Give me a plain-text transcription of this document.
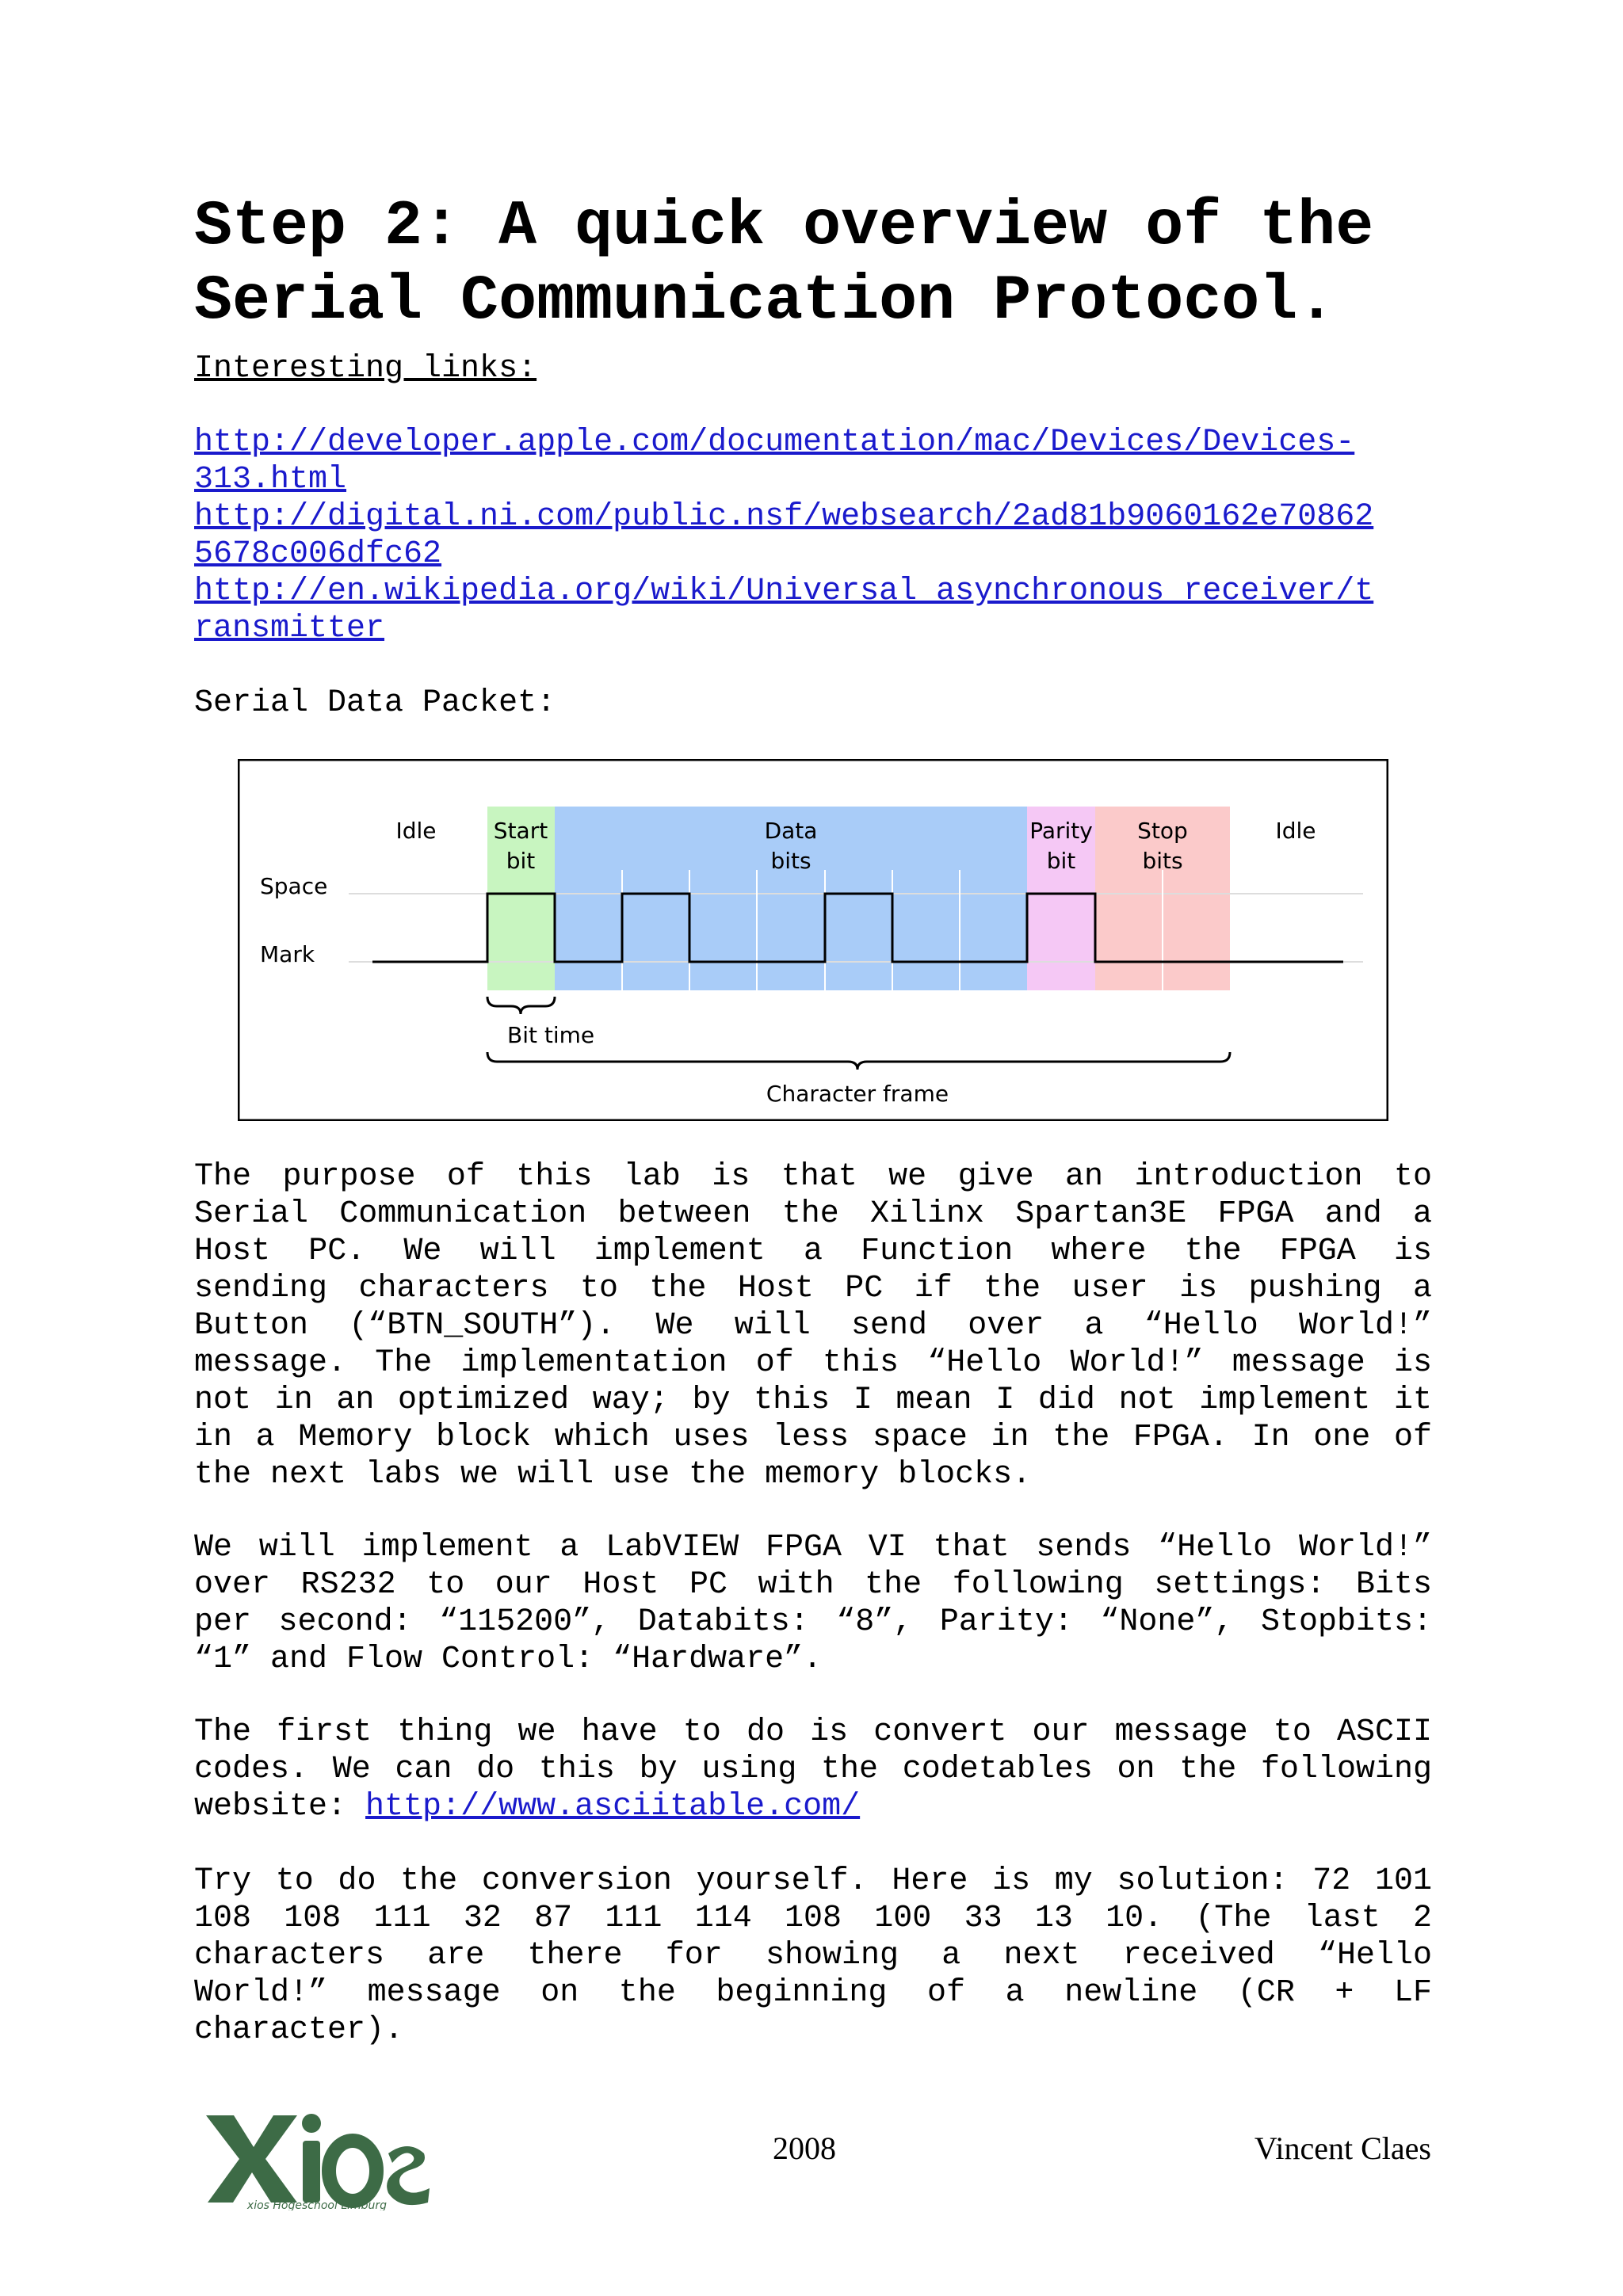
Step 2: A quick overview of the
Serial Communication Protocol.
Interesting links:
http://developer.apple.com/documentation/mac/Devices/Devices-
313.html
http://digital.ni.com/public.nsf/websearch/2ad81b9060162e70862
5678c006dfc62
http://en.wikipedia.org/wiki/Universal_asynchronous_receiver/t
ransmitter
Serial Data Packet:
Idle	Start
bit
Data
bits
Parity
bit
Stop
bits
Idle
Space
Mark
Bit time
Character frame
The purpose of this lab is that we give an introduction to
Serial Communication between the Xilinx Spartan3E FPGA and a
Host PC. We will implement a Function where the FPGA is
sending characters to the Host PC if the user is pushing a
Button (“BTN_SOUTH”). We will send over a “Hello World!”
message. The implementation of this “Hello World!” message is
not in an optimized way; by this I mean I did not implement it
in a Memory block which uses less space in the FPGA. In one of
the next labs we will use the memory blocks.
We will implement a LabVIEW FPGA VI that sends “Hello World!”
over RS232 to our Host PC with the following settings: Bits
per second: “115200”, Databits: “8”, Parity: “None”, Stopbits:
“1” and Flow Control: “Hardware”.
The first thing we have to do is convert our message to ASCII
codes. We can do this by using the codetables on the following
website: http://www.asciitable.com/
Try to do the conversion yourself. Here is my solution: 72 101
108 108 111 32 87 111 114 108 100 33 13 10. (The last 2
characters are there for showing a next received “Hello
World!” message on the beginning of a newline (CR + LF
character).
xios Hogeschool Limburg
2008	Vincent Claes
